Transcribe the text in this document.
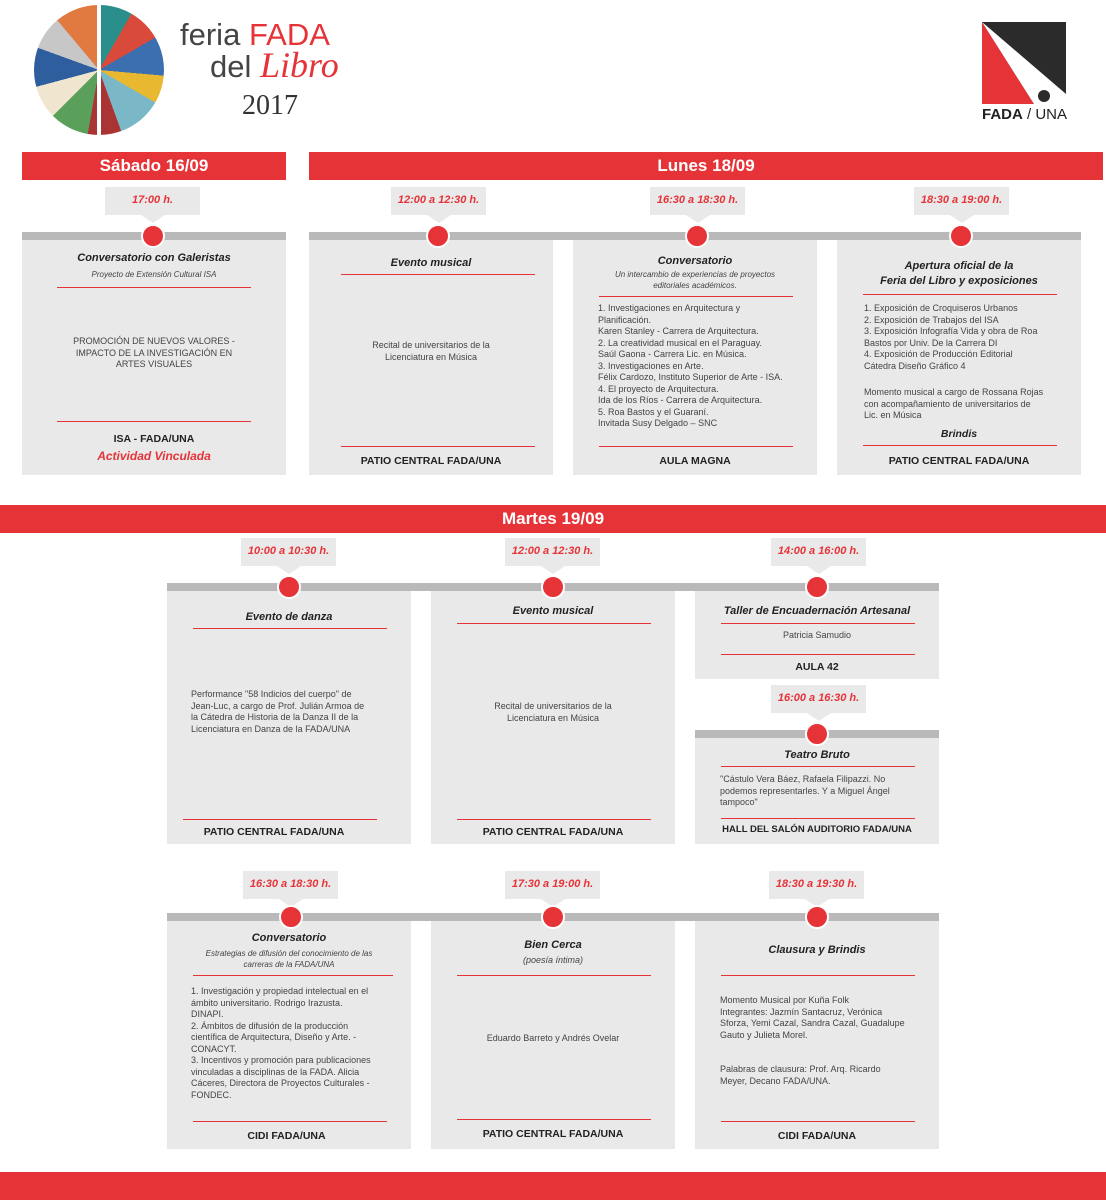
feria FADA
del Libro
2017	FADA / UNA
Sábado 16/09	Lunes 18/09
17:00 h.
Conversatorio con Galeristas
Proyecto de Extensión Cultural ISA
PROMOCIÓN DE NUEVOS VALORES -
IMPACTO DE LA INVESTIGACIÓN EN
ARTES VISUALES
ISA - FADA/UNA
Actividad Vinculada
12:00 a 12:30 h.
Evento musical
Recital de universitarios de la
Licenciatura en Música
PATIO CENTRAL FADA/UNA
16:30 a 18:30 h.
Conversatorio
Un intercambio de experiencias de proyectos
editoriales académicos.
1. Investigaciones en Arquitectura y
Planificación.
Karen Stanley - Carrera de Arquitectura.
2. La creatividad musical en el Paraguay.
Saúl Gaona - Carrera Lic. en Música.
3. Investigaciones en Arte.
Félix Cardozo, Instituto Superior de Arte - ISA.
4. El proyecto de Arquitectura.
Ida de los Ríos - Carrera de Arquitectura.
5. Roa Bastos y el Guaraní.
Invitada Susy Delgado – SNC
AULA MAGNA
18:30 a 19:00 h.
Apertura oficial de la
Feria del Libro y exposiciones
1. Exposición de Croquiseros Urbanos
2. Exposición de Trabajos del ISA
3. Exposición Infografía Vida y obra de Roa
Bastos por Univ. De la Carrera DI
4. Exposición de Producción Editorial
Cátedra Diseño Gráfico 4
Momento musical a cargo de Rossana Rojas
con acompañamiento de universitarios de
Lic. en Música
Brindis
PATIO CENTRAL FADA/UNA
Martes 19/09
10:00 a 10:30 h.
Evento de danza
Performance "58 Indicios del cuerpo" de
Jean-Luc, a cargo de Prof. Julián Armoa de
la Cátedra de Historia de la Danza II de la
Licenciatura en Danza de la FADA/UNA
PATIO CENTRAL FADA/UNA
12:00 a 12:30 h.
Evento musical
Recital de universitarios de la
Licenciatura en Música
PATIO CENTRAL FADA/UNA
14:00 a 16:00 h.
Taller de Encuadernación Artesanal
Patricia Samudio
AULA 42
16:00 a 16:30 h.
Teatro Bruto
"Cástulo Vera Báez, Rafaela Filipazzi. No
podemos representarles. Y a Miguel Ángel
tampoco"
HALL DEL SALÓN AUDITORIO FADA/UNA
16:30 a 18:30 h.
Conversatorio
Estrategias de difusión del conocimiento de las
carreras de la FADA/UNA
1. Investigación y propiedad intelectual en el
ámbito universitario. Rodrigo Irazusta.
DINAPI.
2. Ámbitos de difusión de la producción
científica de Arquitectura, Diseño y Arte. -
CONACYT.
3. Incentivos y promoción para publicaciones
vinculadas a disciplinas de la FADA. Alicia
Cáceres, Directora de Proyectos Culturales -
FONDEC.
CIDI FADA/UNA
17:30 a 19:00 h.
Bien Cerca
(poesía íntima)
Eduardo Barreto y Andrés Ovelar
PATIO CENTRAL FADA/UNA
18:30 a 19:30 h.
Clausura y Brindis
Momento Musical por Kuña Folk
Integrantes: Jazmín Santacruz, Verónica
Sforza, Yemi Cazal, Sandra Cazal, Guadalupe
Gauto y Julieta Morel.
Palabras de clausura: Prof. Arq. Ricardo
Meyer, Decano FADA/UNA.
CIDI FADA/UNA
